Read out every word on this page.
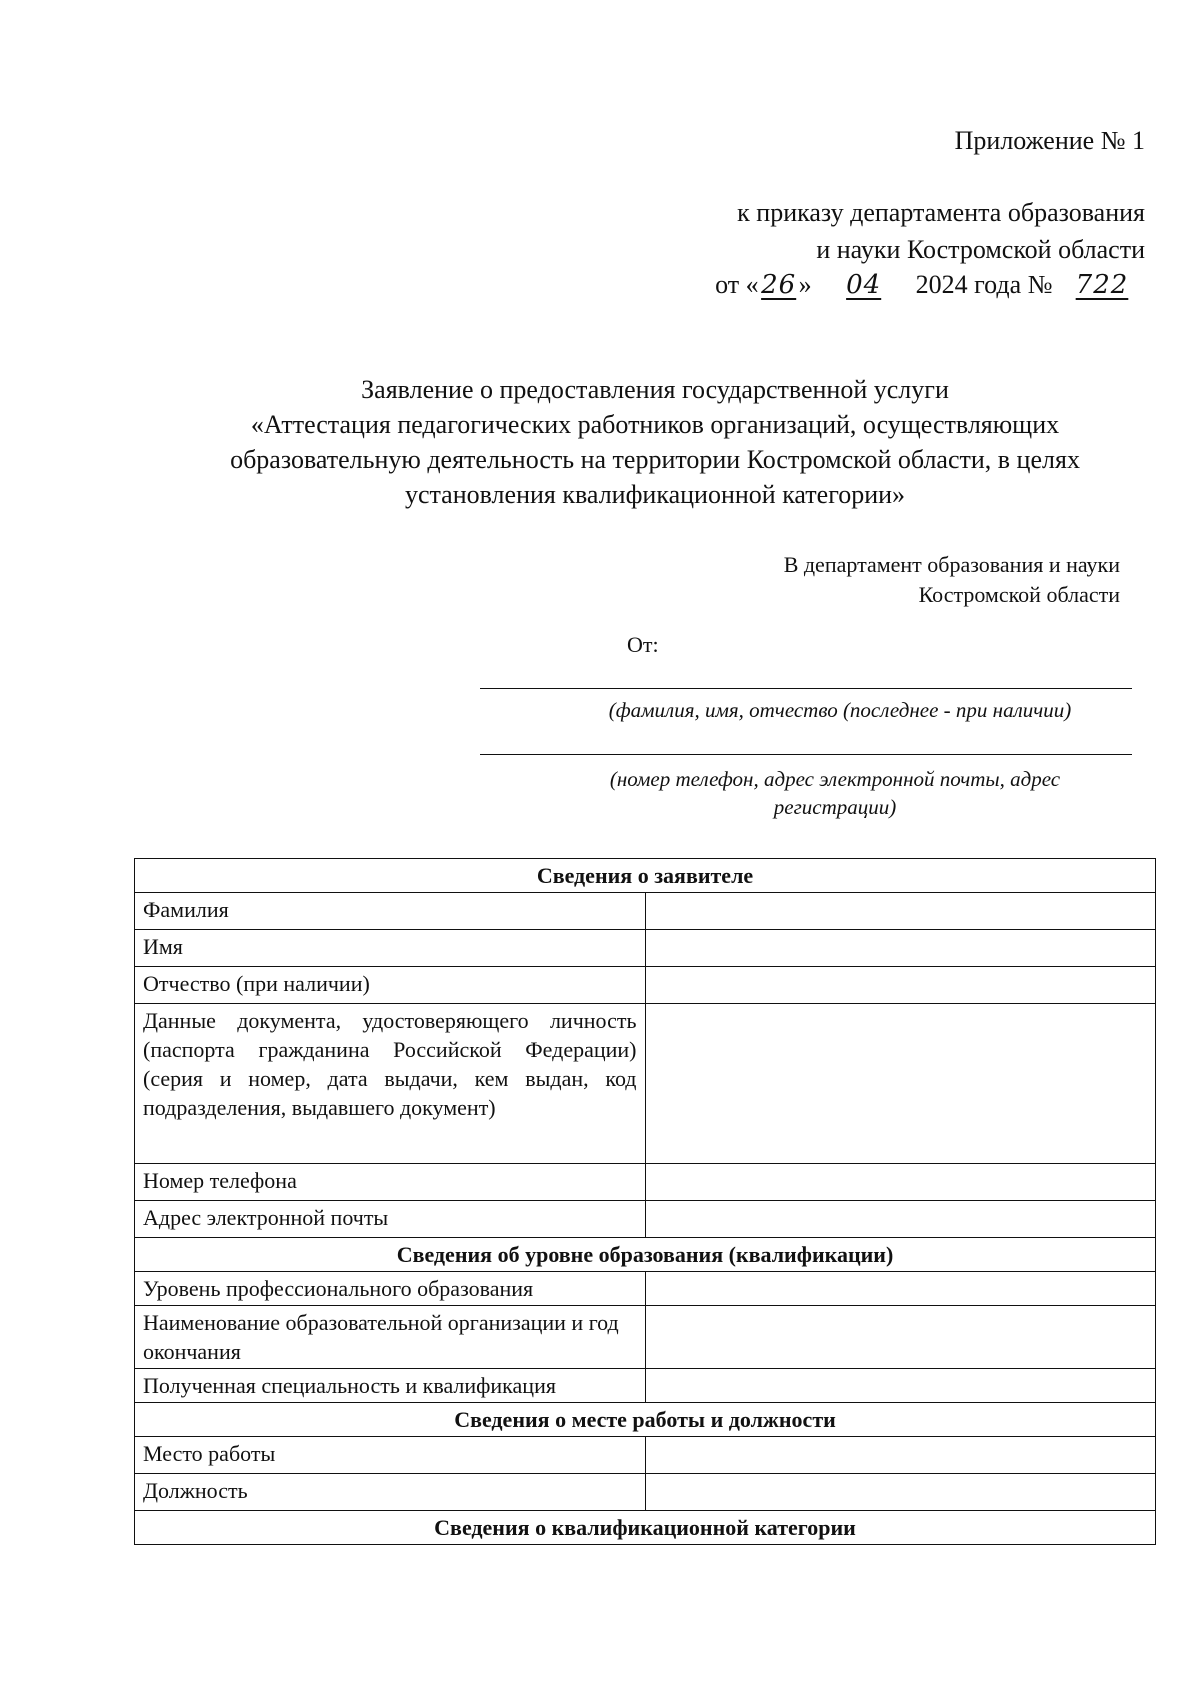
Приложение № 1
к приказу департамента образования
и науки Костромской области
от «26» 04 2024 года № 722
Заявление о предоставления государственной услуги
«Аттестация педагогических работников организаций, осуществляющих
образовательную деятельность на территории Костромской области, в целях
установления квалификационной категории»
В департамент образования и науки
Костромской области
От:
(фамилия, имя, отчество (последнее - при наличии)
(номер телефон, адрес электронной почты, адрес
регистрации)
Сведения о заявителе	
Фамилия	
Имя	
Отчество (при наличии)	
Данные документа, удостоверяющего личность (паспорта гражданина Российской Федерации) (серия и номер, дата выдачи, кем выдан, код подразделения, выдавшего документ)	
Номер телефона	
Адрес электронной почты	
Сведения об уровне образования (квалификации)	
Уровень профессионального образования	
Наименование образовательной организации и год окончания	
Полученная специальность и квалификация	
Сведения о месте работы и должности	
Место работы	
Должность	
Сведения о квалификационной категории	
